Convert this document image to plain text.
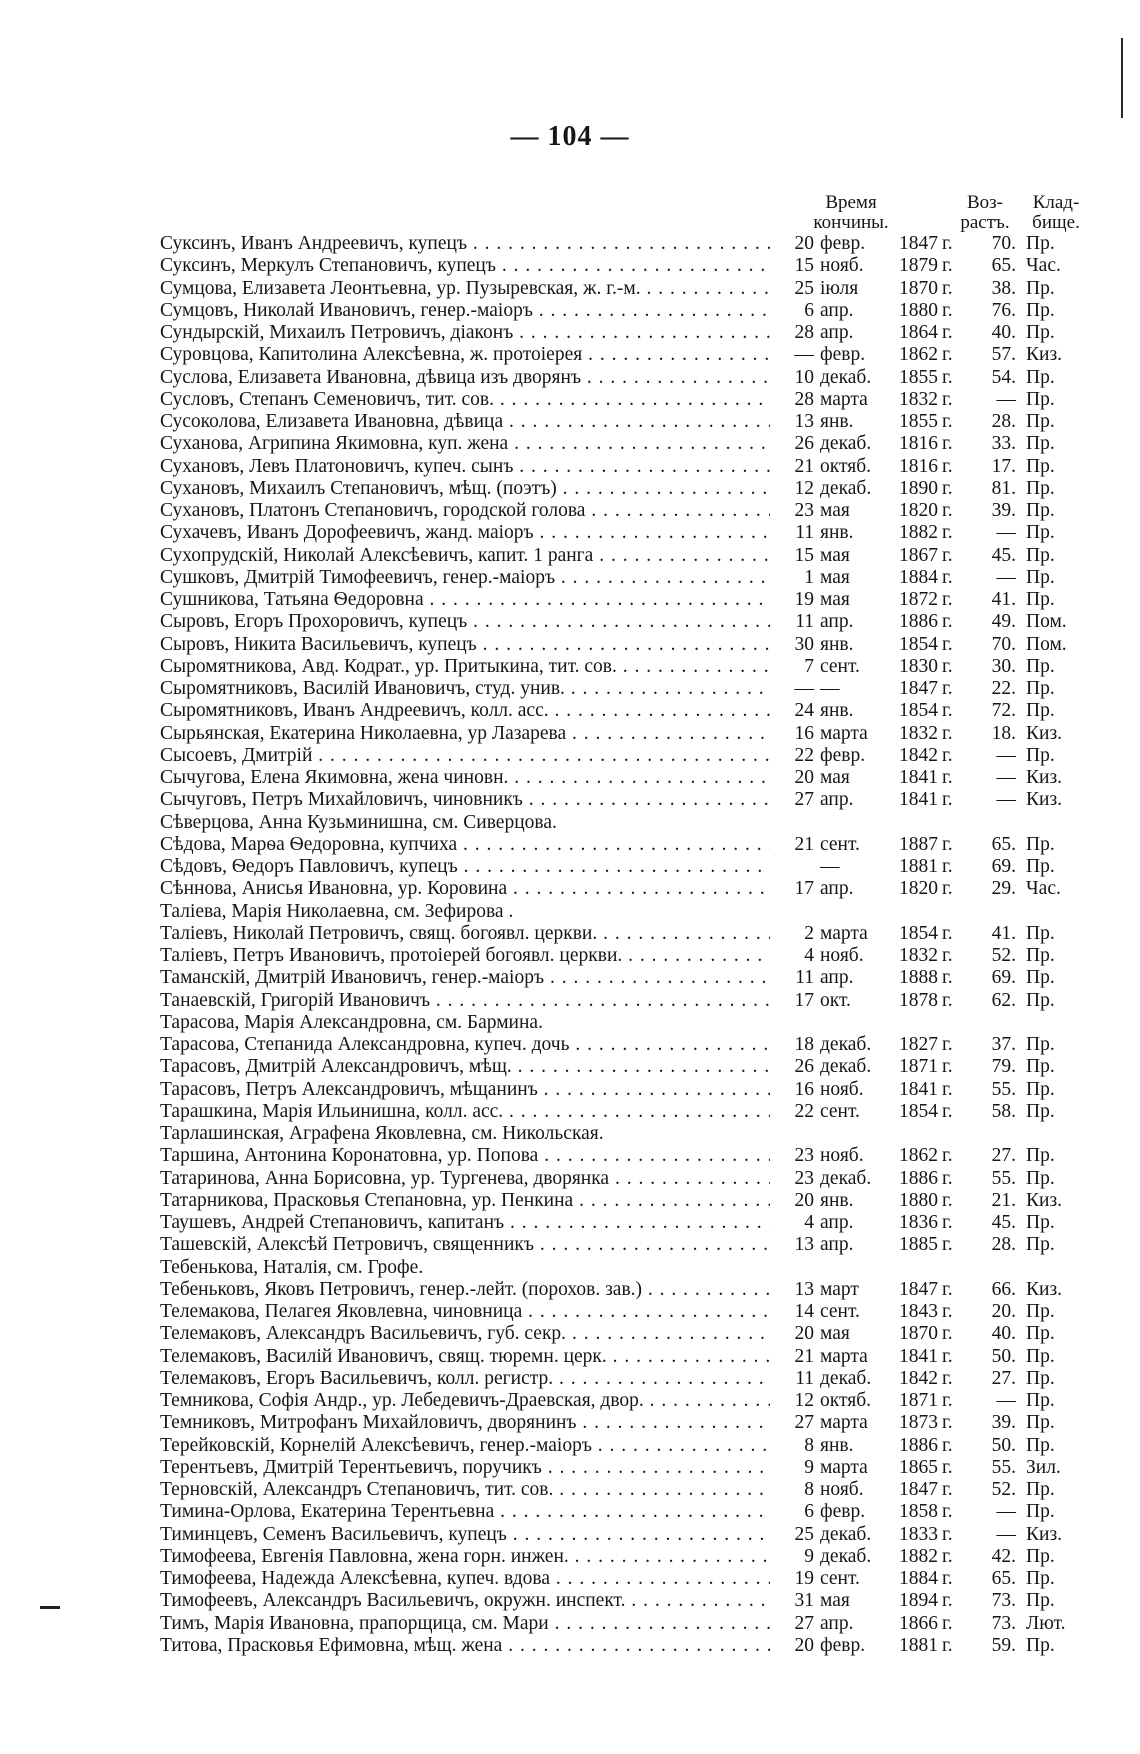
— 104 —
Время
кончины.
Воз-
растъ.
Клад-
бище.
Суксинъ, Иванъ Андреевичъ, купецъ . . .	20 февр.	1847 г.	70. Пр.
Суксинъ, Меркулъ Степановичъ, купецъ . . .	15 нояб.	1879 г.	65. Час.
Сумцова, Елизавета Леонтьевна, ур. Пузыревская, ж. г.-м. . . .	25 іюля	1870 г.	38. Пр.
Сумцовъ, Николай Ивановичъ, генер.-маіоръ . . .	6 апр.	1880 г.	76. Пр.
Сундырскій, Михаилъ Петровичъ, діаконъ . . .	28 апр.	1864 г.	40. Пр.
Суровцова, Капитолина Алексѣевна, ж. протоіерея . . .	— февр.	1862 г.	57. Киз.
Суслова, Елизавета Ивановна, дѣвица изъ дворянъ . . .	10 декаб.	1855 г.	54. Пр.
Сусловъ, Степанъ Семеновичъ, тит. сов. . . .	28 марта	1832 г.	— Пр.
Сусоколова, Елизавета Ивановна, дѣвица . . .	13 янв.	1855 г.	28. Пр.
Суханова, Агрипина Якимовна, куп. жена . . .	26 декаб.	1816 г.	33. Пр.
Сухановъ, Левъ Платоновичъ, купеч. сынъ . . .	21 октяб.	1816 г.	17. Пр.
Сухановъ, Михаилъ Степановичъ, мѣщ. (поэтъ) . . .	12 декаб.	1890 г.	81. Пр.
Сухановъ, Платонъ Степановичъ, городской голова . . .	23 мая	1820 г.	39. Пр.
Сухачевъ, Иванъ Дорофеевичъ, жанд. маіоръ . . .	11 янв.	1882 г.	— Пр.
Сухопрудскій, Николай Алексѣевичъ, капит. 1 ранга . . .	15 мая	1867 г.	45. Пр.
Сушковъ, Дмитрій Тимофеевичъ, генер.-маіоръ . . .	1 мая	1884 г.	— Пр.
Сушникова, Татьяна Ѳедоровна . . .	19 мая	1872 г.	41. Пр.
Сыровъ, Егоръ Прохоровичъ, купецъ . . .	11 апр.	1886 г.	49. Пом.
Сыровъ, Никита Васильевичъ, купецъ . . .	30 янв.	1854 г.	70. Пом.
Сыромятникова, Авд. Кодрат., ур. Притыкина, тит. сов. . . .	7 сент.	1830 г.	30. Пр.
Сыромятниковъ, Василій Ивановичъ, студ. унив. . . .	— —	1847 г.	22. Пр.
Сыромятниковъ, Иванъ Андреевичъ, колл. асс. . . .	24 янв.	1854 г.	72. Пр.
Сырьянская, Екатерина Николаевна, ур Лазарева . . .	16 марта	1832 г.	18. Киз.
Сысоевъ, Дмитрій . . .	22 февр.	1842 г.	— Пр.
Сычугова, Елена Якимовна, жена чиновн. . . .	20 мая	1841 г.	— Киз.
Сычуговъ, Петръ Михайловичъ, чиновникъ . . .	27 апр.	1841 г.	— Киз.
Сѣверцова, Анна Кузьминишна, см. Сиверцова.
Сѣдова, Марѳа Ѳедоровна, купчиха . . .	21 сент.	1887 г.	65. Пр.
Сѣдовъ, Ѳедоръ Павловичъ, купецъ . . .	—	1881 г.	69. Пр.
Сѣннова, Анисья Ивановна, ур. Коровина . . .	17 апр.	1820 г.	29. Час.
Таліева, Марія Николаевна, см. Зефирова .
Таліевъ, Николай Петровичъ, свящ. богоявл. церкви. . . .	2 марта	1854 г.	41. Пр.
Таліевъ, Петръ Ивановичъ, протоіерей богоявл. церкви. . . .	4 нояб.	1832 г.	52. Пр.
Таманскій, Дмитрій Ивановичъ, генер.-маіоръ . . .	11 апр.	1888 г.	69. Пр.
Танаевскій, Григорій Ивановичъ . . .	17 окт.	1878 г.	62. Пр.
Тарасова, Марія Александровна, см. Бармина.
Тарасова, Степанида Александровна, купеч. дочь . . .	18 декаб.	1827 г.	37. Пр.
Тарасовъ, Дмитрій Александровичъ, мѣщ. . . .	26 декаб.	1871 г.	79. Пр.
Тарасовъ, Петръ Александровичъ, мѣщанинъ . . .	16 нояб.	1841 г.	55. Пр.
Тарашкина, Марія Ильинишна, колл. асс. . . .	22 сент.	1854 г.	58. Пр.
Тарлашинская, Аграфена Яковлевна, см. Никольская.
Таршина, Антонина Коронатовна, ур. Попова . . .	23 нояб.	1862 г.	27. Пр.
Татаринова, Анна Борисовна, ур. Тургенева, дворянка . . .	23 декаб.	1886 г.	55. Пр.
Татарникова, Прасковья Степановна, ур. Пенкина . . .	20 янв.	1880 г.	21. Киз.
Таушевъ, Андрей Степановичъ, капитанъ . . .	4 апр.	1836 г.	45. Пр.
Ташевскій, Алексѣй Петровичъ, священникъ . . .	13 апр.	1885 г.	28. Пр.
Тебенькова, Наталія, см. Грофе.
Тебеньковъ, Яковъ Петровичъ, генер.-лейт. (порохов. зав.) . . .	13 март	1847 г.	66. Киз.
Телемакова, Пелагея Яковлевна, чиновница . . .	14 сент.	1843 г.	20. Пр.
Телемаковъ, Александръ Васильевичъ, губ. секр. . . .	20 мая	1870 г.	40. Пр.
Телемаковъ, Василій Ивановичъ, свящ. тюремн. церк. . . .	21 марта	1841 г.	50. Пр.
Телемаковъ, Егоръ Васильевичъ, колл. регистр. . . .	11 декаб.	1842 г.	27. Пр.
Темникова, Софія Андр., ур. Лебедевичъ-Драевская, двор. . . .	12 октяб.	1871 г.	— Пр.
Темниковъ, Митрофанъ Михайловичъ, дворянинъ . . .	27 марта	1873 г.	39. Пр.
Терейковскій, Корнелій Алексѣевичъ, генер.-маіоръ . . .	8 янв.	1886 г.	50. Пр.
Терентьевъ, Дмитрій Терентьевичъ, поручикъ . . .	9 марта	1865 г.	55. Зил.
Терновскій, Александръ Степановичъ, тит. сов. . . .	8 нояб.	1847 г.	52. Пр.
Тимина-Орлова, Екатерина Терентьевна . . .	6 февр.	1858 г.	— Пр.
Тиминцевъ, Семенъ Васильевичъ, купецъ . . .	25 декаб.	1833 г.	— Киз.
Тимофеева, Евгенія Павловна, жена горн. инжен. . . .	9 декаб.	1882 г.	42. Пр.
Тимофеева, Надежда Алексѣевна, купеч. вдова . . .	19 сент.	1884 г.	65. Пр.
Тимофеевъ, Александръ Васильевичъ, окружн. инспект. . . .	31 мая	1894 г.	73. Пр.
Тимъ, Марія Ивановна, прапорщица, см. Мари . . .	27 апр.	1866 г.	73. Лют.
Титова, Прасковья Ефимовна, мѣщ. жена . . .	20 февр.	1881 г.	59. Пр.
